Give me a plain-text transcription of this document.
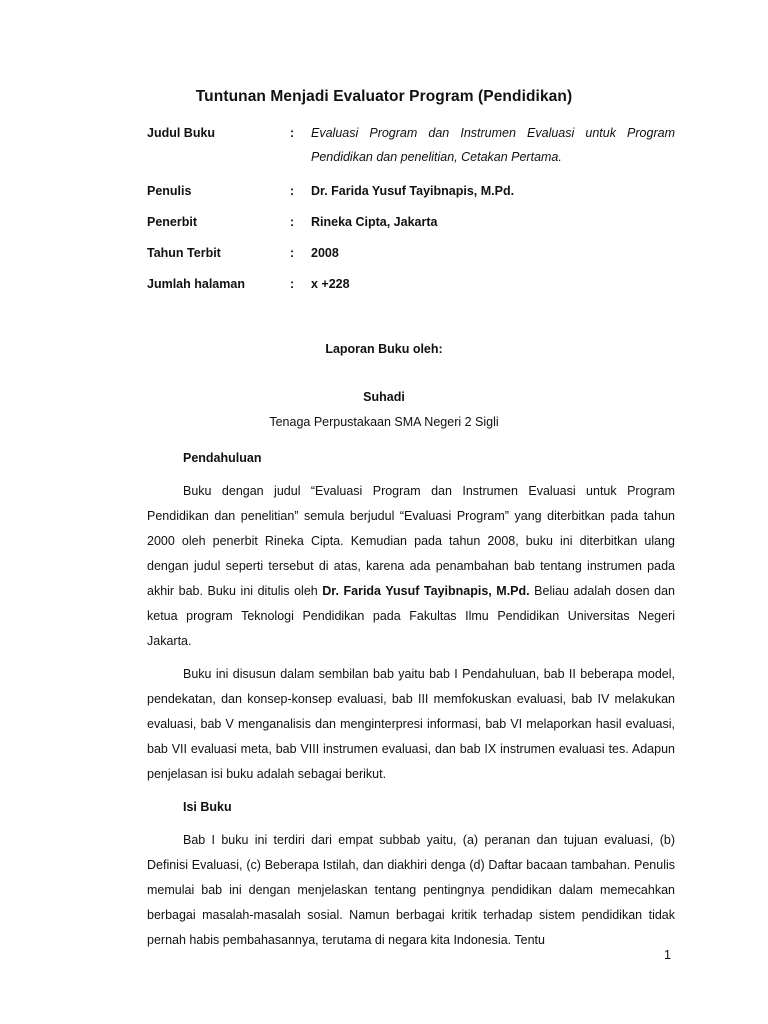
Tuntunan Menjadi Evaluator Program (Pendidikan)
Judul Buku	:	Evaluasi Program dan Instrumen Evaluasi untuk Program Pendidikan dan penelitian, Cetakan Pertama.
Penulis	:	Dr. Farida Yusuf Tayibnapis, M.Pd.
Penerbit	:	Rineka Cipta, Jakarta
Tahun Terbit	:	2008
Jumlah halaman	:	x +228
Laporan Buku oleh:
Suhadi
Tenaga Perpustakaan SMA Negeri 2 Sigli
Pendahuluan

Buku dengan judul “Evaluasi Program dan Instrumen Evaluasi untuk Program Pendidikan dan penelitian” semula berjudul “Evaluasi Program” yang diterbitkan pada tahun 2000 oleh penerbit Rineka Cipta. Kemudian pada tahun 2008, buku ini diterbitkan ulang dengan judul seperti tersebut di atas, karena ada penambahan bab tentang instrumen pada akhir bab. Buku ini ditulis oleh Dr. Farida Yusuf Tayibnapis, M.Pd. Beliau adalah dosen dan ketua program Teknologi Pendidikan pada Fakultas Ilmu Pendidikan Universitas Negeri Jakarta.

Buku ini disusun dalam sembilan bab yaitu bab I Pendahuluan, bab II beberapa model, pendekatan, dan konsep-konsep evaluasi, bab III memfokuskan evaluasi, bab IV melakukan evaluasi, bab V menganalisis dan menginterpresi informasi, bab VI melaporkan hasil evaluasi, bab VII evaluasi meta, bab VIII instrumen evaluasi, dan bab IX instrumen evaluasi tes. Adapun penjelasan isi buku adalah sebagai berikut.

Isi Buku

Bab I buku ini terdiri dari empat subbab yaitu, (a) peranan dan tujuan evaluasi, (b) Definisi Evaluasi, (c) Beberapa Istilah, dan diakhiri denga (d) Daftar bacaan tambahan. Penulis memulai bab ini dengan menjelaskan tentang pentingnya pendidikan dalam memecahkan berbagai masalah-masalah sosial. Namun berbagai kritik terhadap sistem pendidikan tidak pernah habis pembahasannya, terutama di negara kita Indonesia. Tentu

1
